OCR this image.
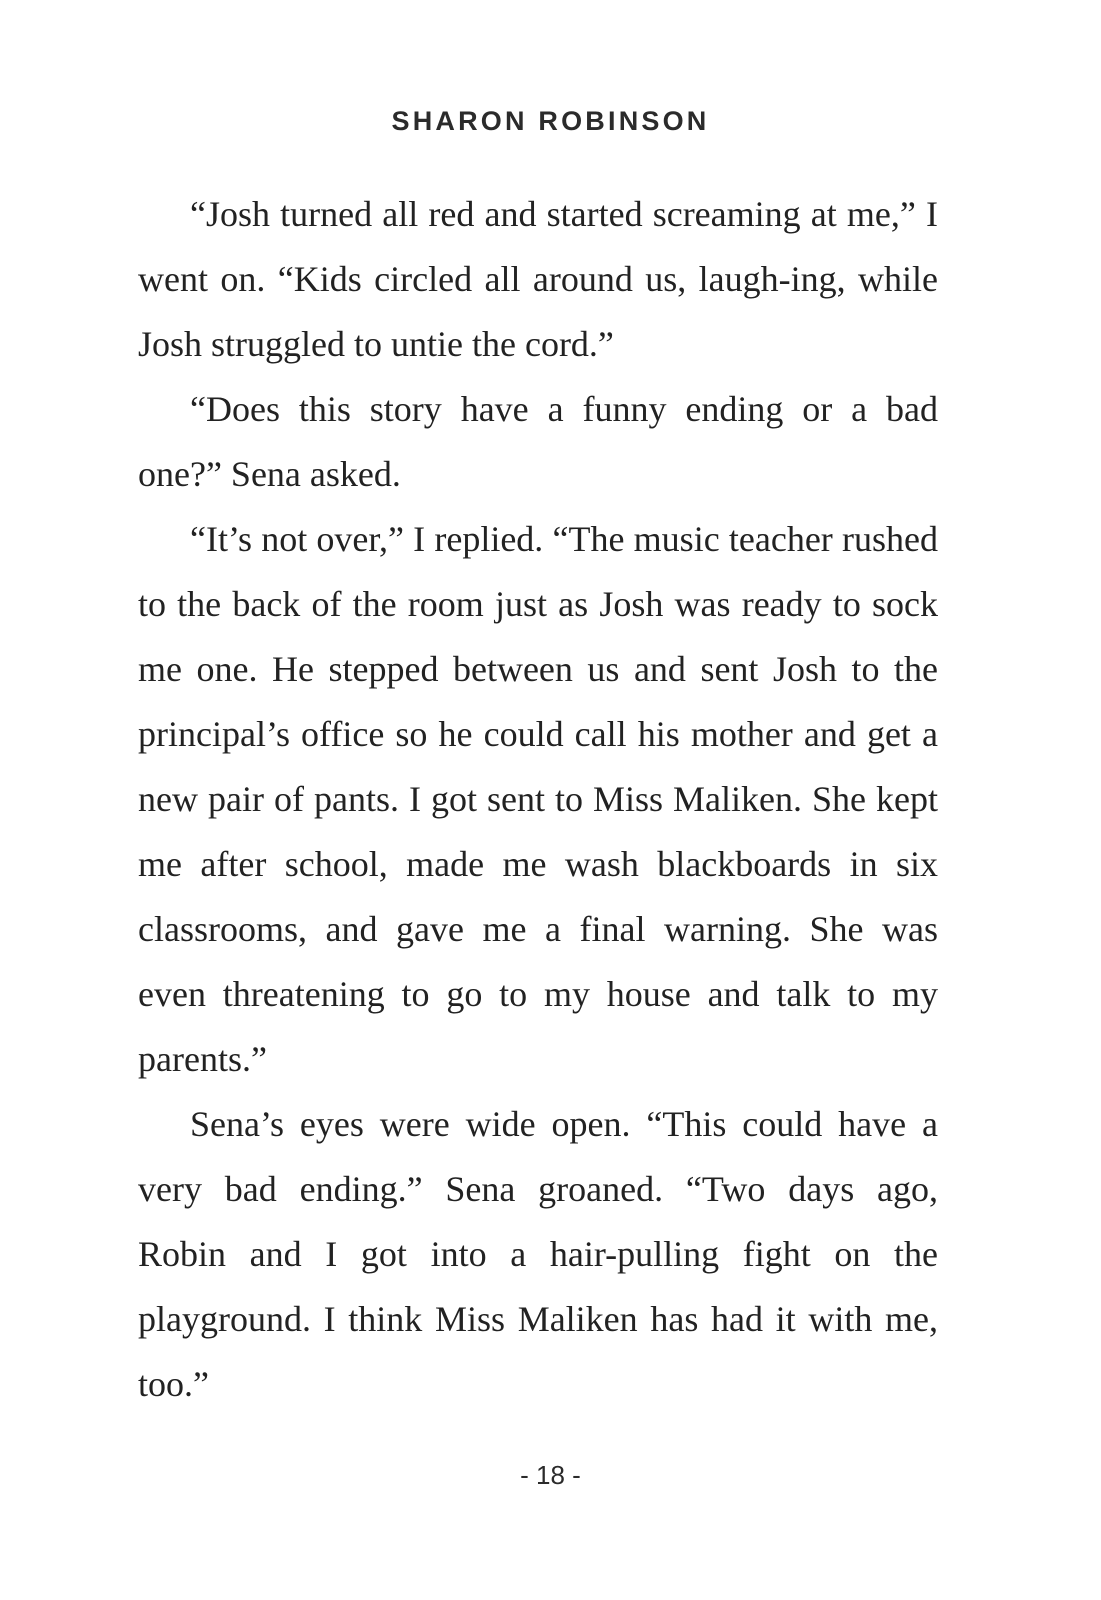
SHARON ROBINSON

“Josh turned all red and started screaming at me,” I went on. “Kids circled all around us, laugh-ing, while Josh struggled to untie the cord.”

“Does this story have a funny ending or a bad one?” Sena asked.

“It’s not over,” I replied. “The music teacher rushed to the back of the room just as Josh was ready to sock me one. He stepped between us and sent Josh to the principal’s office so he could call his mother and get a new pair of pants. I got sent to Miss Maliken. She kept me after school, made me wash blackboards in six classrooms, and gave me a final warning. She was even threatening to go to my house and talk to my parents.”

Sena’s eyes were wide open. “This could have a very bad ending.” Sena groaned. “Two days ago, Robin and I got into a hair-pulling fight on the playground. I think Miss Maliken has had it with me, too.”

- 18 -
